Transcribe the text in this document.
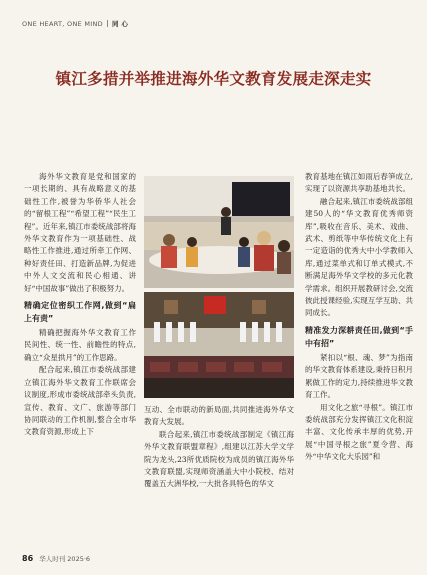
ONE HEART, ONE MIND 同 心
镇江多措并举推进海外华文教育发展走深走实

海外华文教育是党和国家的一项长期的、具有战略意义的基础性工作,被誉为华侨华人社会的“留根工程”“希望工程”“民生工程”。近年来,镇江市委统战部将海外华文教育作为一项基础性、战略性工作推进,通过所牵工作网、种好责任田、打造新品牌,为促进中外人文交流和民心相通、讲好“中国故事”做出了积极努力。

精确定位密织工作网,做到“扁上有责”

精确把握海外华文教育工作民间性、统一性、前瞻性的特点,确立“众星拱月”的工作思路。

配合起来,镇江市委统战部建立镇江海外华文教育工作联席会议制度,形成市委统战部牵头负责,宣传、教育、文广、旅游等部门协同联动的工作机制,整合全市华文教育资源,形成上下

互动、全市联动的新局面,共同推进海外华文教育大发展。

联合起来,镇江市委统战部制定《镇江海外华文教育联盟章程》,组建以江苏大学文学院为龙头,23所优质院校为成员的镇江海外华文教育联盟,实现师资涵盖大中小院校、结对覆盖五大洲华校,一大批各具特色的华文

教育基地在镇江如雨后春笋成立,实现了以资源共享助基地共长。

融合起来,镇江市委统战部组建50人的“华文教育优秀师资库”,吸收在音乐、美术、戏曲、武术、剪纸等中华传统文化上有一定造诣的优秀大中小学教师入库,通过菜单式和订单式模式,不断满足海外华文学校的多元化教学需求。组织开展教研讨会,交流彼此授课经验,实现互学互助、共同成长。

精准发力深耕责任田,做到“手中有招”

紧扣以“根、魂、梦”为指南的华文教育体系建设,秉持日积月累做工作的定力,持续推进华文教育工作。

用文化之旅“寻根”。镇江市委统战部充分发挥镇江文化积淀丰富、文化传承丰厚的优势,开展“中国寻根之旅”夏令营、海外“中华文化大乐园”和

86 华人时刊 2025·6
